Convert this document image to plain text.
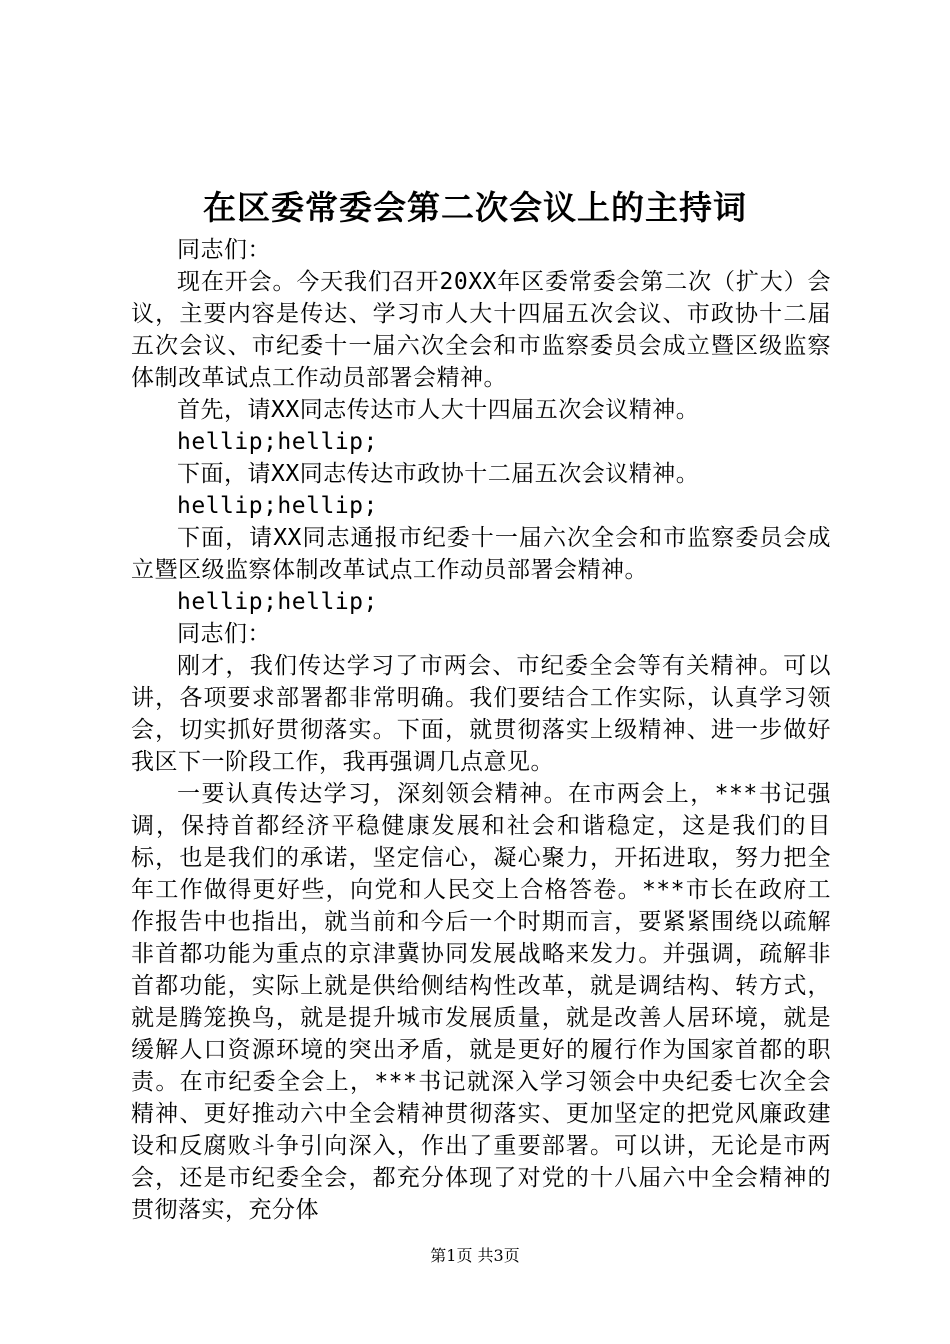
在区委常委会第二次会议上的主持词

同志们：

现在开会。今天我们召开20XX年区委常委会第二次（扩大）会议，主要内容是传达、学习市人大十四届五次会议、市政协十二届五次会议、市纪委十一届六次全会和市监察委员会成立暨区级监察体制改革试点工作动员部署会精神。

首先，请XX同志传达市人大十四届五次会议精神。

hellip;hellip;

下面，请XX同志传达市政协十二届五次会议精神。

hellip;hellip;

下面，请XX同志通报市纪委十一届六次全会和市监察委员会成立暨区级监察体制改革试点工作动员部署会精神。

hellip;hellip;

同志们：

刚才，我们传达学习了市两会、市纪委全会等有关精神。可以讲，各项要求部署都非常明确。我们要结合工作实际，认真学习领会，切实抓好贯彻落实。下面，就贯彻落实上级精神、进一步做好我区下一阶段工作，我再强调几点意见。

一要认真传达学习，深刻领会精神。在市两会上，***书记强调，保持首都经济平稳健康发展和社会和谐稳定，这是我们的目标，也是我们的承诺，坚定信心，凝心聚力，开拓进取，努力把全年工作做得更好些，向党和人民交上合格答卷。***市长在政府工作报告中也指出，就当前和今后一个时期而言，要紧紧围绕以疏解非首都功能为重点的京津冀协同发展战略来发力。并强调，疏解非首都功能，实际上就是供给侧结构性改革，就是调结构、转方式，就是腾笼换鸟，就是提升城市发展质量，就是改善人居环境，就是缓解人口资源环境的突出矛盾，就是更好的履行作为国家首都的职责。在市纪委全会上，***书记就深入学习领会中央纪委七次全会精神、更好推动六中全会精神贯彻落实、更加坚定的把党风廉政建设和反腐败斗争引向深入，作出了重要部署。可以讲，无论是市两会，还是市纪委全会，都充分体现了对党的十八届六中全会精神的贯彻落实，充分体

第1页 共3页
